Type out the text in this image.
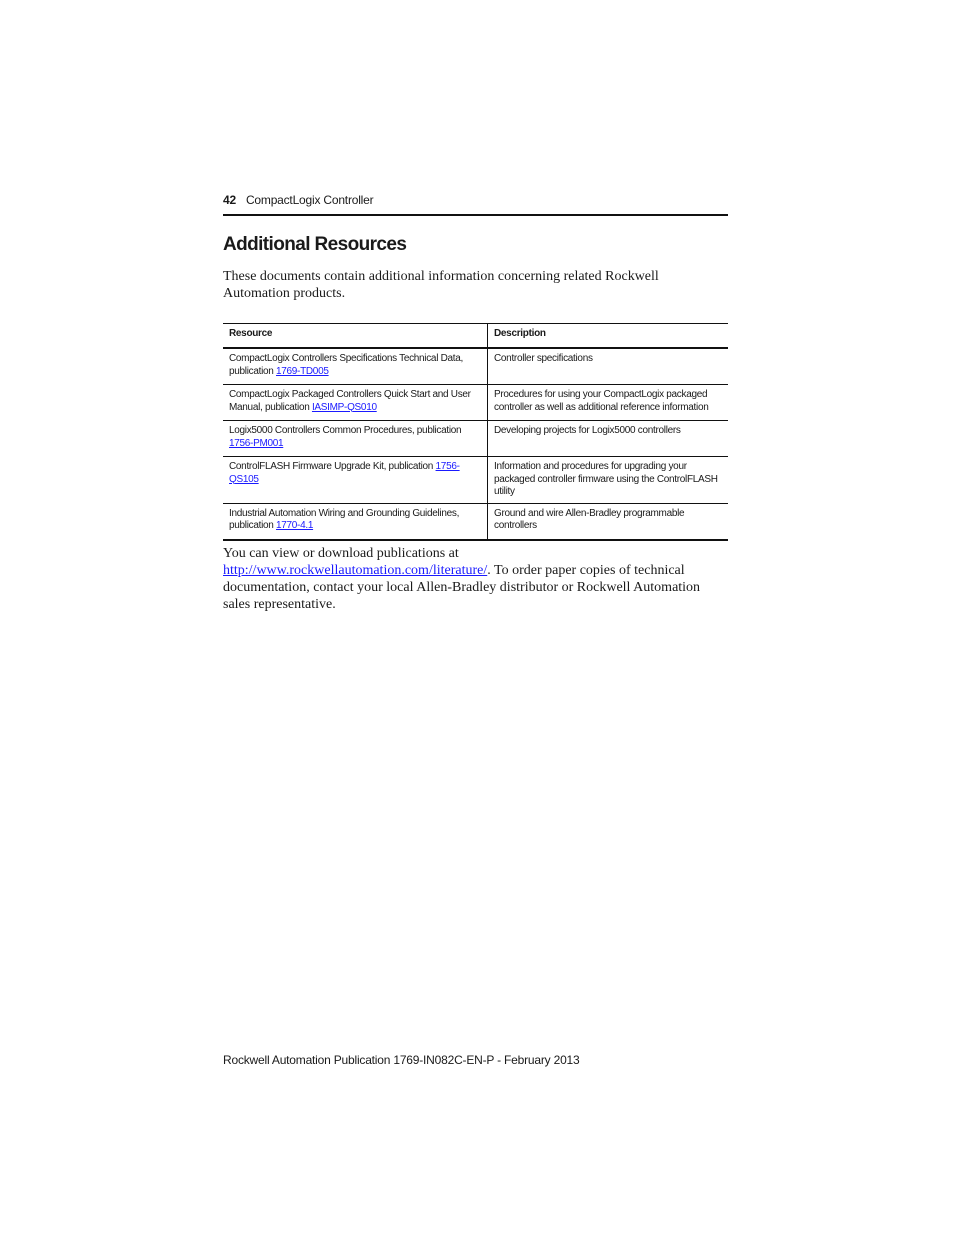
42 CompactLogix Controller
Additional Resources

These documents contain additional information concerning related Rockwell Automation products.

Resource	Description
CompactLogix Controllers Specifications Technical Data, publication 1769-TD005	Controller specifications
CompactLogix Packaged Controllers Quick Start and User Manual, publication IASIMP-QS010	Procedures for using your CompactLogix packaged controller as well as additional reference information
Logix5000 Controllers Common Procedures, publication 1756-PM001	Developing projects for Logix5000 controllers
ControlFLASH Firmware Upgrade Kit, publication 1756-QS105	Information and procedures for upgrading your packaged controller firmware using the ControlFLASH utility
Industrial Automation Wiring and Grounding Guidelines, publication 1770-4.1	Ground and wire Allen-Bradley programmable controllers

You can view or download publications at http://www.rockwellautomation.com/literature/. To order paper copies of technical documentation, contact your local Allen-Bradley distributor or Rockwell Automation sales representative.

Rockwell Automation Publication 1769-IN082C-EN-P - February 2013
